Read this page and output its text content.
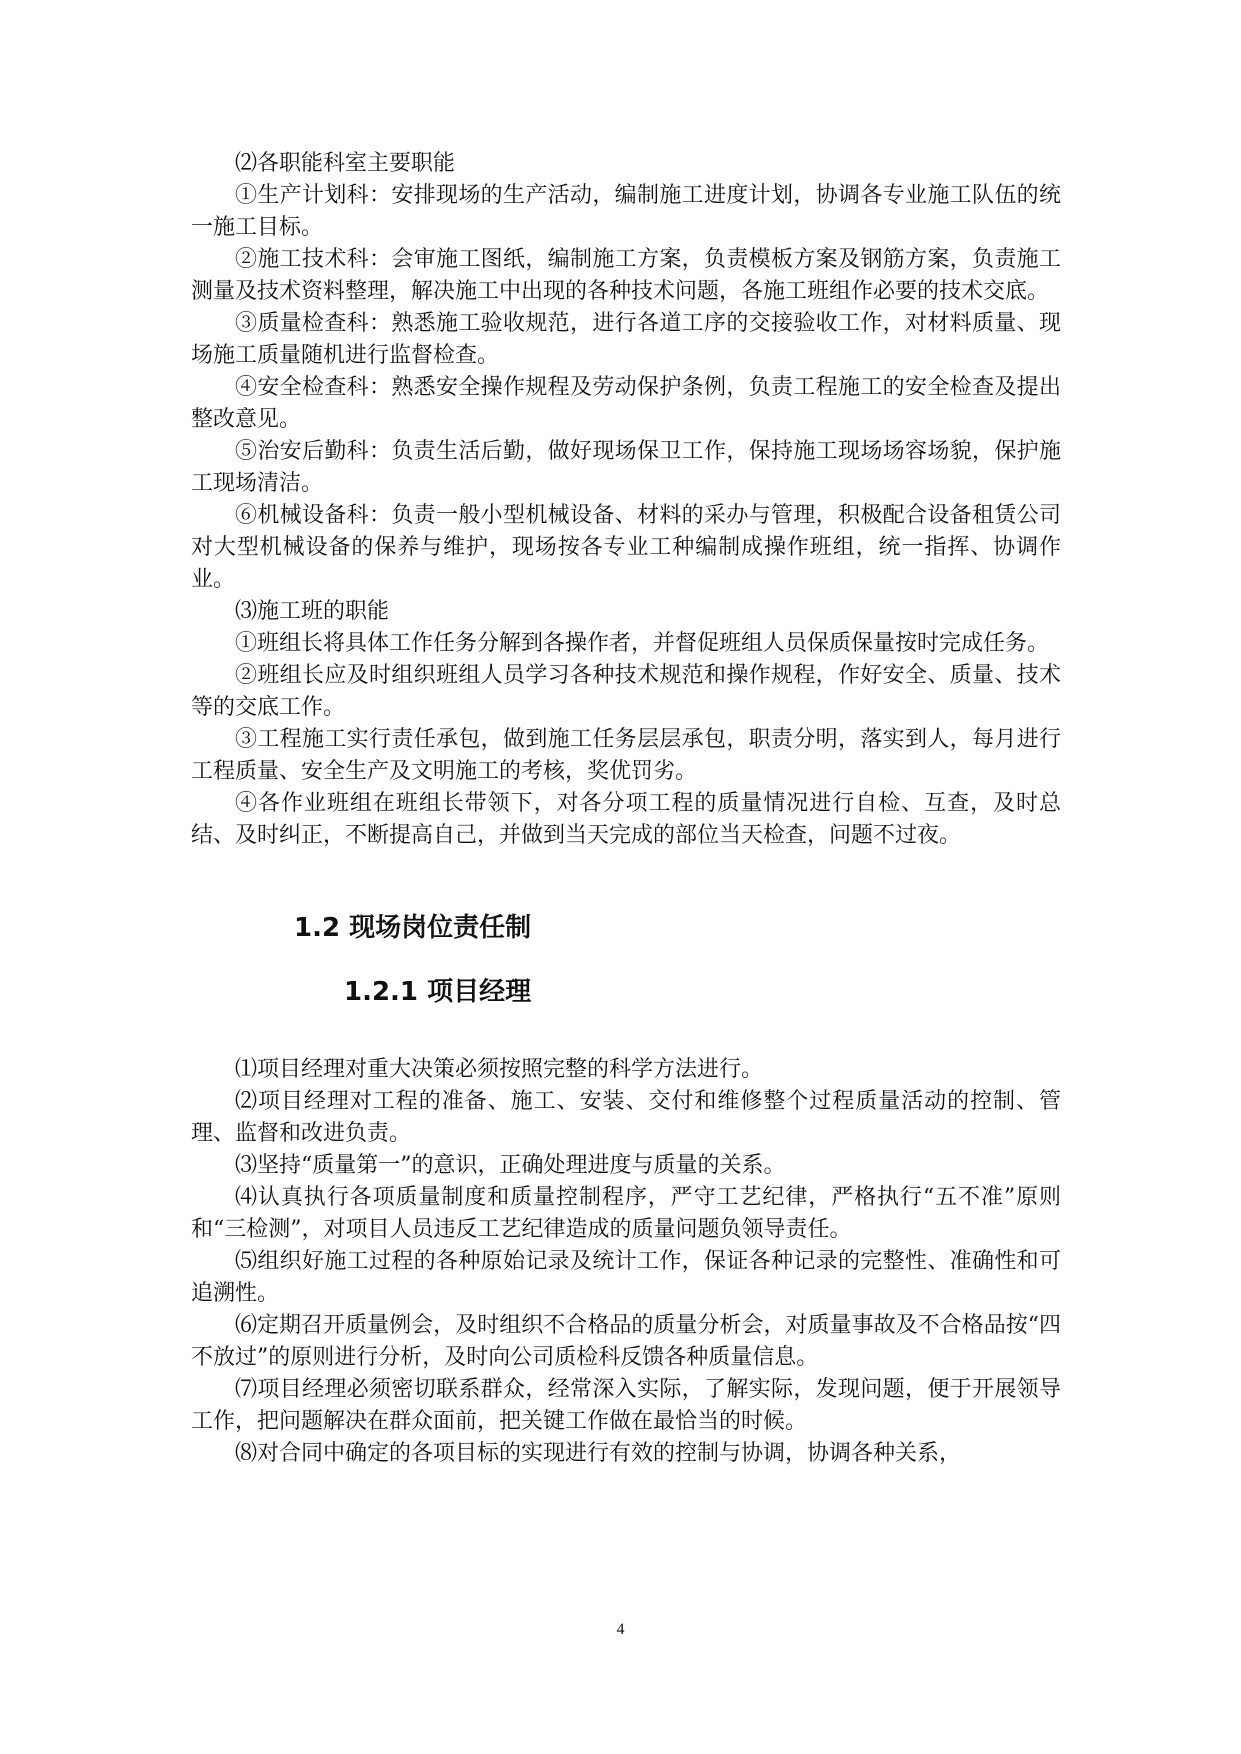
⑵各职能科室主要职能

①生产计划科：安排现场的生产活动，编制施工进度计划，协调各专业施工队伍的统一施工目标。

②施工技术科：会审施工图纸，编制施工方案，负责模板方案及钢筋方案，负责施工测量及技术资料整理，解决施工中出现的各种技术问题，各施工班组作必要的技术交底。

③质量检查科：熟悉施工验收规范，进行各道工序的交接验收工作，对材料质量、现场施工质量随机进行监督检查。

④安全检查科：熟悉安全操作规程及劳动保护条例，负责工程施工的安全检查及提出整改意见。

⑤治安后勤科：负责生活后勤，做好现场保卫工作，保持施工现场场容场貌，保护施工现场清洁。

⑥机械设备科：负责一般小型机械设备、材料的采办与管理，积极配合设备租赁公司对大型机械设备的保养与维护，现场按各专业工种编制成操作班组，统一指挥、协调作业。

⑶施工班的职能

①班组长将具体工作任务分解到各操作者，并督促班组人员保质保量按时完成任务。

②班组长应及时组织班组人员学习各种技术规范和操作规程，作好安全、质量、技术等的交底工作。

③工程施工实行责任承包，做到施工任务层层承包，职责分明，落实到人，每月进行工程质量、安全生产及文明施工的考核，奖优罚劣。

④各作业班组在班组长带领下，对各分项工程的质量情况进行自检、互查，及时总结、及时纠正，不断提高自己，并做到当天完成的部位当天检查，问题不过夜。

1.2 现场岗位责任制
1.2.1 项目经理

⑴项目经理对重大决策必须按照完整的科学方法进行。

⑵项目经理对工程的准备、施工、安装、交付和维修整个过程质量活动的控制、管理、监督和改进负责。

⑶坚持“质量第一”的意识，正确处理进度与质量的关系。

⑷认真执行各项质量制度和质量控制程序，严守工艺纪律，严格执行“五不准”原则和“三检测”，对项目人员违反工艺纪律造成的质量问题负领导责任。

⑸组织好施工过程的各种原始记录及统计工作，保证各种记录的完整性、准确性和可追溯性。

⑹定期召开质量例会，及时组织不合格品的质量分析会，对质量事故及不合格品按“四不放过”的原则进行分析，及时向公司质检科反馈各种质量信息。

⑺项目经理必须密切联系群众，经常深入实际，了解实际，发现问题，便于开展领导工作，把问题解决在群众面前，把关键工作做在最恰当的时候。

⑻对合同中确定的各项目标的实现进行有效的控制与协调，协调各种关系，

4
